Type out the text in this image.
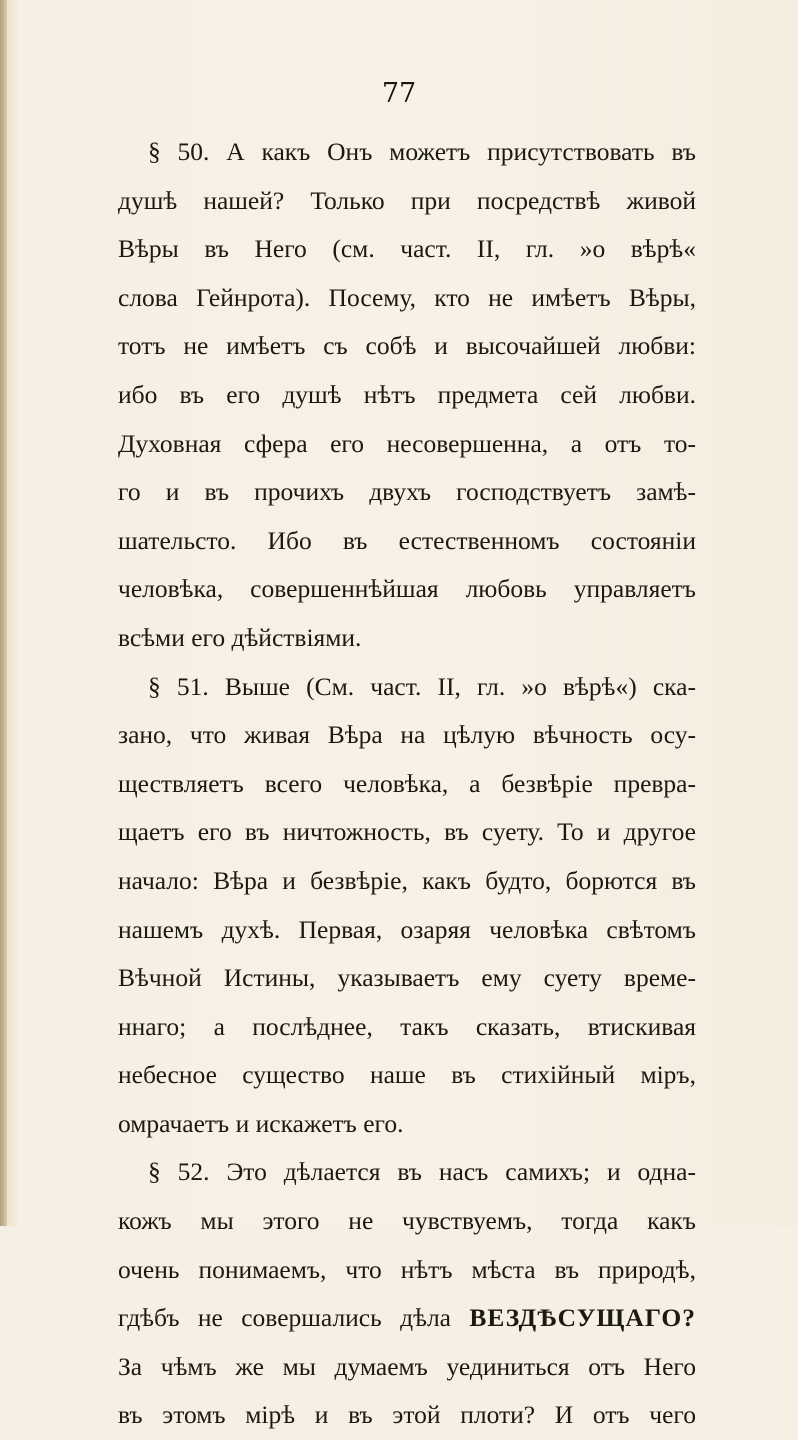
77
§ 50. А какъ Онъ можетъ присутствовать въ
душѣ нашей? Только при посредствѣ живой
Вѣры въ Него (см. част. II, гл. »о вѣрѣ«
слова Гейнрота). Посему, кто не имѣетъ Вѣры,
тотъ не имѣетъ съ собѣ и высочайшей любви:
ибо въ его душѣ нѣтъ предмета сей любви.
Духовная сфера его несовершенна, а отъ то-
го и въ прочихъ двухъ господствуетъ замѣ-
шательсто. Ибо въ естественномъ состояніи
человѣка, совершеннѣйшая любовь управляетъ
всѣми его дѣйствіями.
§ 51. Выше (См. част. II, гл. »о вѣрѣ«) ска-
зано, что живая Вѣра на цѣлую вѣчность осу-
ществляетъ всего человѣка, а безвѣріе превра-
щаетъ его въ ничтожность, въ суету. То и другое
начало: Вѣра и безвѣріе, какъ будто, борются въ
нашемъ духѣ. Первая, озаряя человѣка свѣтомъ
Вѣчной Истины, указываетъ ему суету време-
ннаго; а послѣднее, такъ сказать, втискивая
небесное существо наше въ стихійный міръ,
омрачаетъ и искажетъ его.
§ 52. Это дѣлается въ насъ самихъ; и одна-
кожъ мы этого не чувствуемъ, тогда какъ
очень понимаемъ, что нѣтъ мѣста въ природѣ,
гдѣбъ не совершались дѣла ВЕЗДѢСУЩАГО?
За чѣмъ же мы думаемъ уединиться отъ Него
въ этомъ мірѣ и въ этой плоти? И отъ чего
